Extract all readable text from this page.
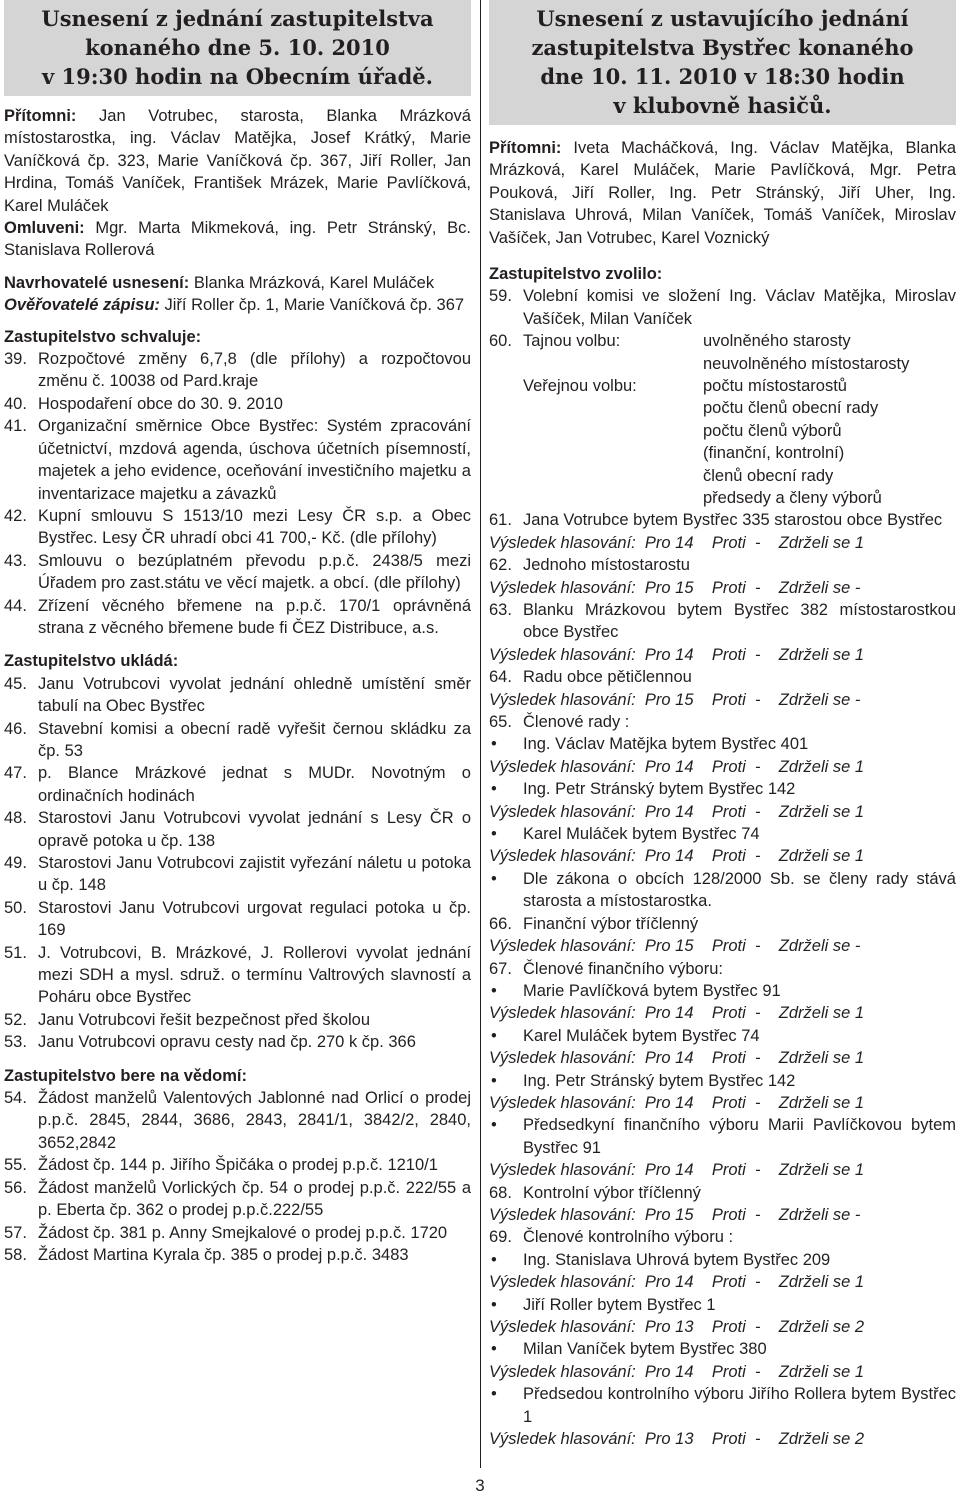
Usnesení z jednání zastupitelstva
konaného dne 5. 10. 2010
v 19:30 hodin na Obecním úřadě.
Přítomni: Jan Votrubec, starosta, Blanka Mrázková místostarostka, ing. Václav Matějka, Josef Krátký, Marie Vaníčková čp. 323, Marie Vaníčková čp. 367, Jiří Roller, Jan Hrdina, Tomáš Vaníček, František Mrázek, Marie Pavlíčková, Karel Muláček
Omluveni: Mgr. Marta Mikmeková, ing. Petr Stránský, Bc. Stanislava Rollerová
Navrhovatelé usnesení: Blanka Mrázková, Karel Muláček
Ověřovatelé zápisu: Jiří Roller čp. 1, Marie Vaníčková čp. 367
Zastupitelstvo schvaluje:
39. Rozpočtové změny 6,7,8 (dle přílohy) a rozpočtovou změnu č. 10038 od Pard.kraje
40. Hospodaření obce do 30. 9. 2010
41. Organizační směrnice Obce Bystřec: Systém zpracování účetnictví, mzdová agenda, úschova účetních písemností, majetek a jeho evidence, oceňování investičního majetku a inventarizace majetku a závazků
42. Kupní smlouvu S 1513/10 mezi Lesy ČR s.p. a Obec Bystřec. Lesy ČR uhradí obci 41 700,- Kč. (dle přílohy)
43. Smlouvu o bezúplatném převodu p.p.č. 2438/5 mezi Úřadem pro zast.státu ve věcí majetk. a obcí. (dle přílohy)
44. Zřízení věcného břemene na p.p.č. 170/1 oprávněná strana z věcného břemene bude fi ČEZ Distribuce, a.s.
Zastupitelstvo ukládá:
45. Janu Votrubcovi vyvolat jednání ohledně umístění směr tabulí na Obec Bystřec
46. Stavební komisi a obecní radě vyřešit černou skládku za čp. 53
47. p. Blance Mrázkové jednat s MUDr. Novotným o ordinačních hodinách
48. Starostovi Janu Votrubcovi vyvolat jednání s Lesy ČR o opravě potoka u čp. 138
49. Starostovi Janu Votrubcovi zajistit vyřezání náletu u potoka u čp. 148
50. Starostovi Janu Votrubcovi urgovat regulaci potoka u čp. 169
51. J. Votrubcovi, B. Mrázkové, J. Rollerovi vyvolat jednání mezi SDH a mysl. sdruž. o termínu Valtrových slavností a Poháru obce Bystřec
52. Janu Votrubcovi řešit bezpečnost před školou
53. Janu Votrubcovi opravu cesty nad čp. 270 k čp. 366
Zastupitelstvo bere na vědomí:
54. Žádost manželů Valentových Jablonné nad Orlicí o prodej p.p.č. 2845, 2844, 3686, 2843, 2841/1, 3842/2, 2840, 3652,2842
55. Žádost čp. 144 p. Jiřího Špičáka o prodej p.p.č. 1210/1
56. Žádost manželů Vorlických čp. 54 o prodej p.p.č. 222/55 a p. Eberta čp. 362 o prodej p.p.č.222/55
57. Žádost čp. 381 p. Anny Smejkalové o prodej p.p.č. 1720
58. Žádost Martina Kyrala čp. 385 o prodej p.p.č. 3483
Usnesení z ustavujícího jednání
zastupitelstva Bystřec konaného
dne 10. 11. 2010 v 18:30 hodin
v klubovně hasičů.
Přítomni: Iveta Macháčková, Ing. Václav Matějka, Blanka Mrázková, Karel Muláček, Marie Pavlíčková, Mgr. Petra Pouková, Jiří Roller, Ing. Petr Stránský, Jiří Uher, Ing. Stanislava Uhrová, Milan Vaníček, Tomáš Vaníček, Miroslav Vašíček, Jan Votrubec, Karel Voznický
Zastupitelstvo zvolilo:
59. Volební komisi ve složení Ing. Václav Matějka, Miroslav Vašíček, Milan Vaníček
60. Tajnou volbu:	uvolněného starosty
neuvolněného místostarosty
Veřejnou volbu:	počtu místostarostů
počtu členů obecní rady
počtu členů výborů
(finanční, kontrolní)
členů obecní rady
předsedy a členy výborů
61. Jana Votrubce bytem Bystřec 335 starostou obce Bystřec
Výsledek hlasování:  Pro 14    Proti  -    Zdrželi se 1
62. Jednoho místostarostu
Výsledek hlasování:  Pro 15    Proti  -    Zdrželi se -
63. Blanku Mrázkovou bytem Bystřec 382 místostarostkou obce Bystřec
Výsledek hlasování:  Pro 14    Proti  -    Zdrželi se 1
64. Radu obce pětičlennou
Výsledek hlasování:  Pro 15    Proti  -    Zdrželi se -
65. Členové rady :
• Ing. Václav Matějka bytem Bystřec 401
Výsledek hlasování:  Pro 14    Proti  -    Zdrželi se 1
• Ing. Petr Stránský bytem Bystřec 142
Výsledek hlasování:  Pro 14    Proti  -    Zdrželi se 1
• Karel Muláček bytem Bystřec 74
Výsledek hlasování:  Pro 14    Proti  -    Zdrželi se 1
• Dle zákona o obcích 128/2000 Sb. se členy rady stává starosta a místostarostka.
66. Finanční výbor tříčlenný
Výsledek hlasování:  Pro 15    Proti  -    Zdrželi se -
67. Členové finančního výboru:
• Marie Pavlíčková bytem Bystřec 91
Výsledek hlasování:  Pro 14    Proti  -    Zdrželi se 1
• Karel Muláček bytem Bystřec 74
Výsledek hlasování:  Pro 14    Proti  -    Zdrželi se 1
• Ing. Petr Stránský bytem Bystřec 142
Výsledek hlasování:  Pro 14    Proti  -    Zdrželi se 1
• Předsedkyní finančního výboru Marii Pavlíčkovou bytem Bystřec 91
Výsledek hlasování:  Pro 14    Proti  -    Zdrželi se 1
68. Kontrolní výbor tříčlenný
Výsledek hlasování:  Pro 15    Proti  -    Zdrželi se -
69. Členové kontrolního výboru :
• Ing. Stanislava Uhrová bytem Bystřec 209
Výsledek hlasování:  Pro 14    Proti  -    Zdrželi se 1
• Jiří Roller bytem Bystřec 1
Výsledek hlasování:  Pro 13    Proti  -    Zdrželi se 2
• Milan Vaníček bytem Bystřec 380
Výsledek hlasování:  Pro 14    Proti  -    Zdrželi se 1
• Předsedou kontrolního výboru Jiřího Rollera bytem Bystřec 1
Výsledek hlasování:  Pro 13    Proti  -    Zdrželi se 2
3
